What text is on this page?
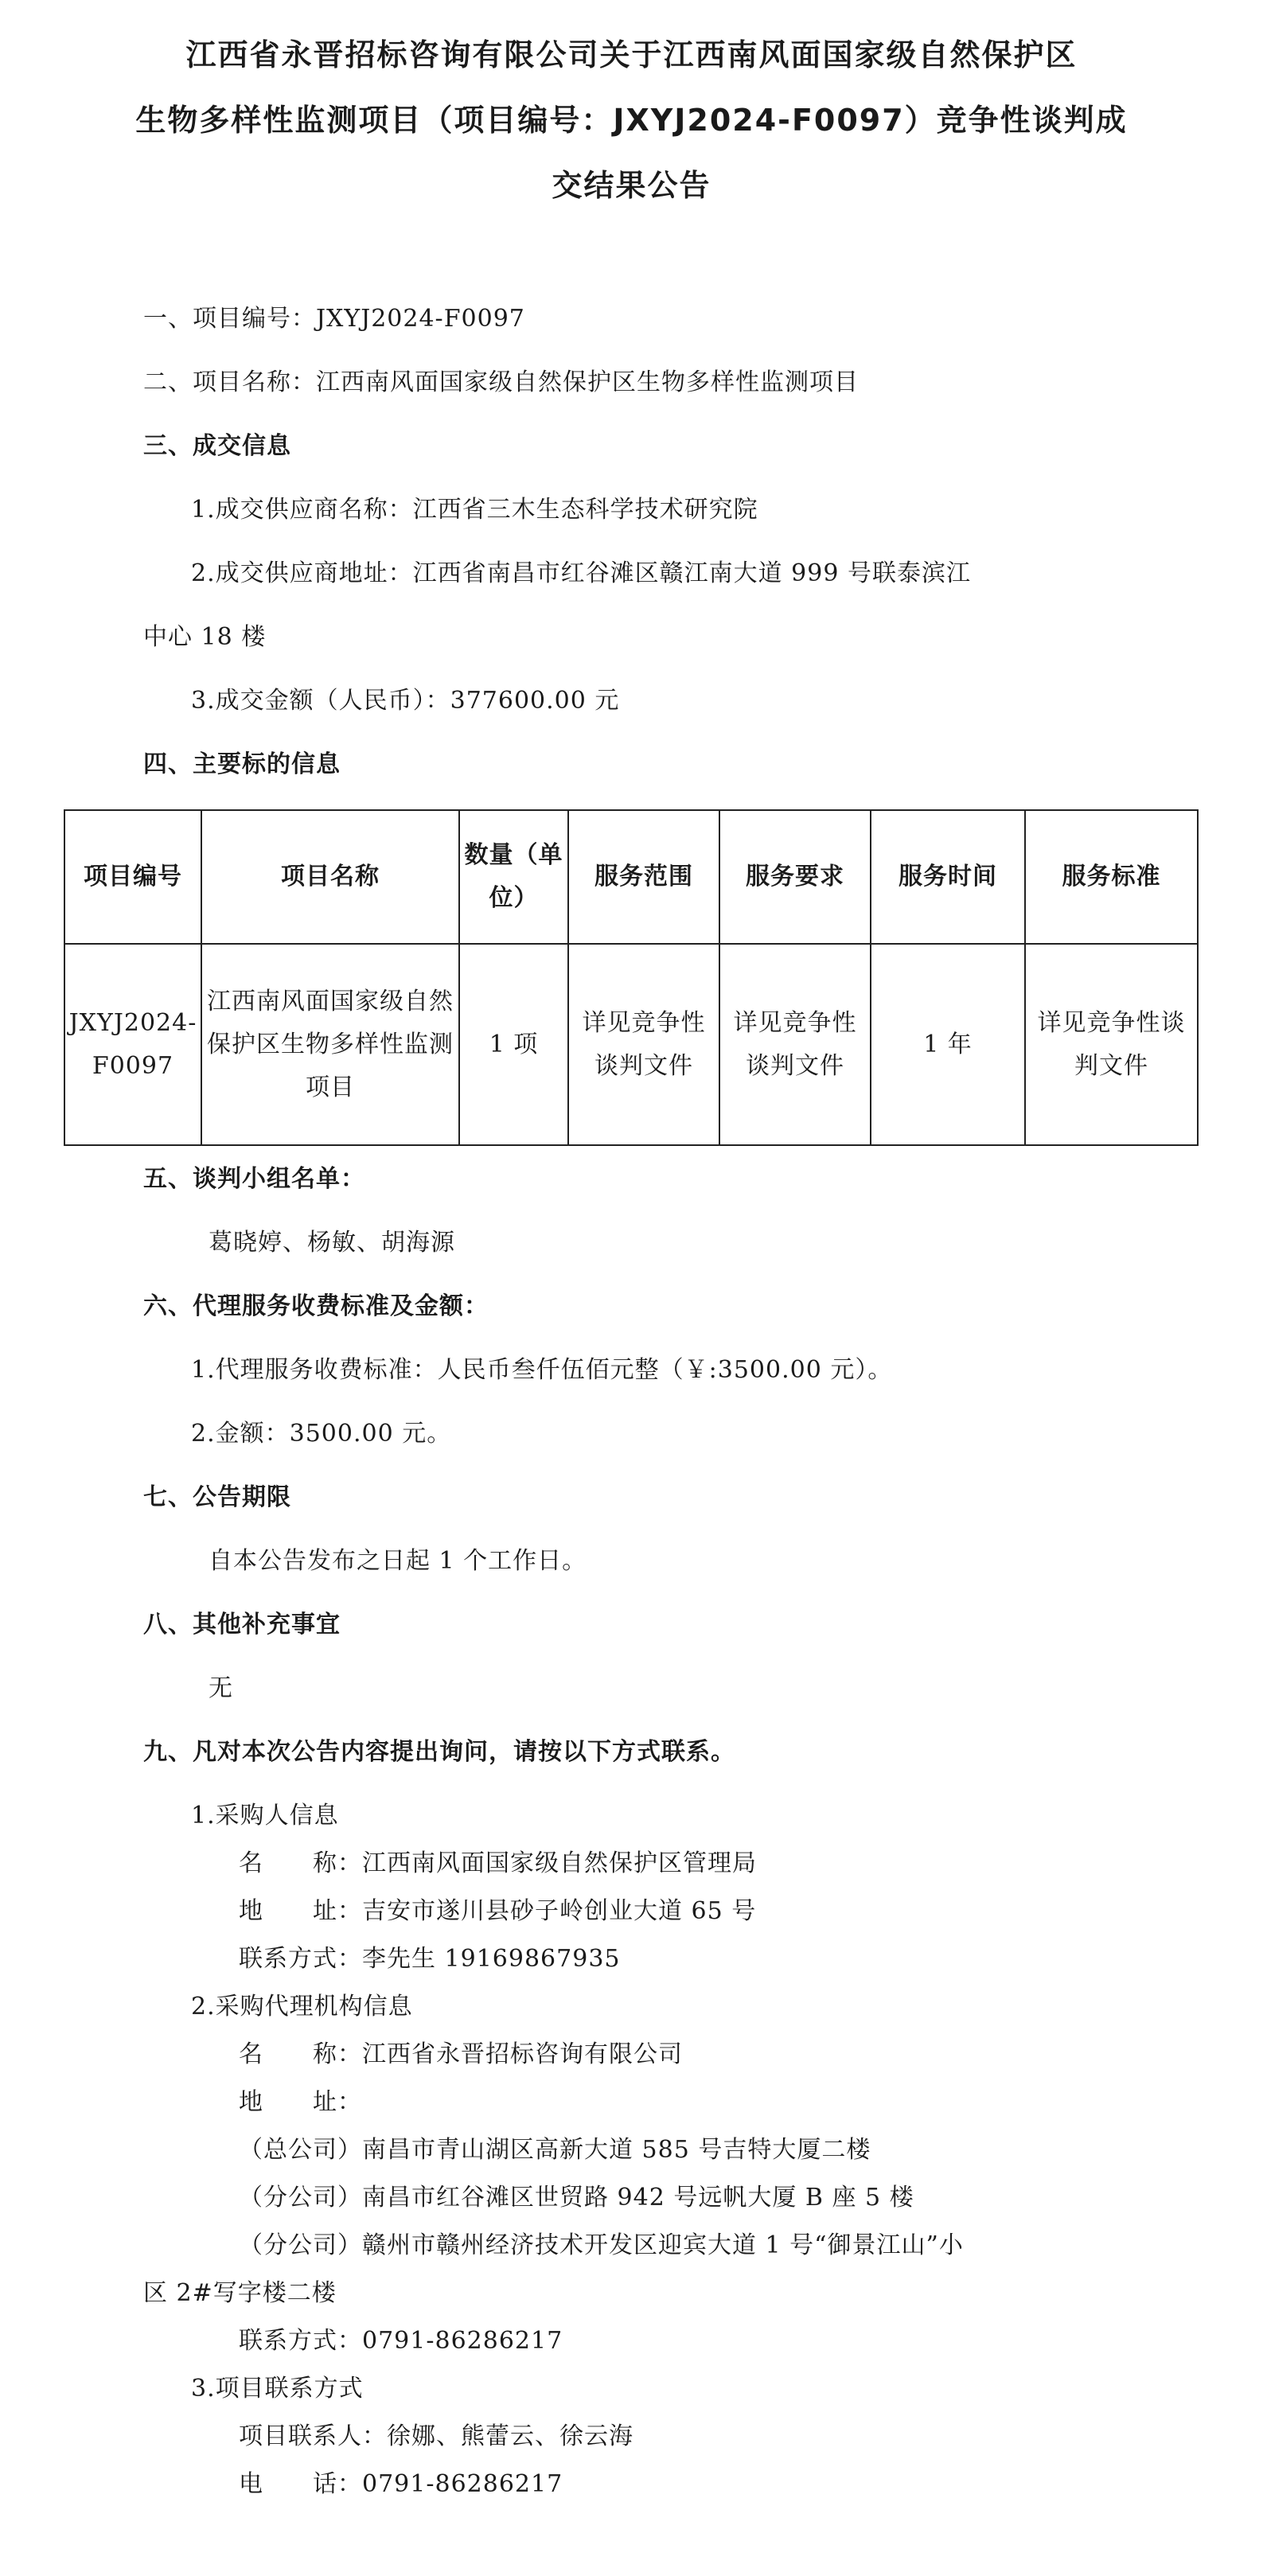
江西省永晋招标咨询有限公司关于江西南风面国家级自然保护区
生物多样性监测项目（项目编号：JXYJ2024-F0097）竞争性谈判成
交结果公告
一、项目编号：JXYJ2024-F0097
二、项目名称：江西南风面国家级自然保护区生物多样性监测项目
三、成交信息
1.成交供应商名称：江西省三木生态科学技术研究院
2.成交供应商地址：江西省南昌市红谷滩区赣江南大道 999 号联泰滨江
中心 18 楼
3.成交金额（人民币）：377600.00 元
四、主要标的信息
项目编号	项目名称	数量（单位）	服务范围	服务要求	服务时间	服务标准
JXYJ2024-F0097	江西南风面国家级自然保护区生物多样性监测项目	1 项	详见竞争性谈判文件	详见竞争性谈判文件	1 年	详见竞争性谈判文件
五、谈判小组名单：
葛晓婷、杨敏、胡海源
六、代理服务收费标准及金额：
1.代理服务收费标准：人民币叁仟伍佰元整（￥:3500.00 元）。
2.金额：3500.00 元。
七、公告期限
自本公告发布之日起 1 个工作日。
八、其他补充事宜
无
九、凡对本次公告内容提出询问，请按以下方式联系。
1.采购人信息
名　　称：江西南风面国家级自然保护区管理局
地　　址：吉安市遂川县砂子岭创业大道 65 号
联系方式：李先生 19169867935
2.采购代理机构信息
名　　称：江西省永晋招标咨询有限公司
地　　址：
（总公司）南昌市青山湖区高新大道 585 号吉特大厦二楼
（分公司）南昌市红谷滩区世贸路 942 号远帆大厦 B 座 5 楼
（分公司）赣州市赣州经济技术开发区迎宾大道 1 号“御景江山”小
区 2#写字楼二楼
联系方式：0791-86286217
3.项目联系方式
项目联系人：徐娜、熊蕾云、徐云海
电　　话：0791-86286217
